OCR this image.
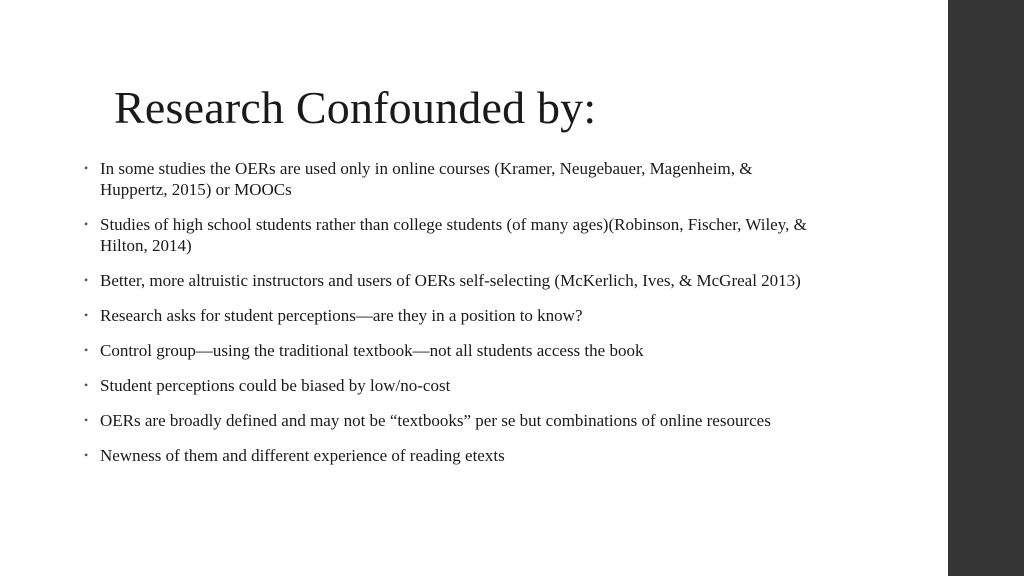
Research Confounded by:
• In some studies the OERs are used only in online courses (Kramer, Neugebauer, Magenheim, & Huppertz, 2015) or MOOCs
• Studies of high school students rather than college students (of many ages)(Robinson, Fischer, Wiley, & Hilton, 2014)
• Better, more altruistic instructors and users of OERs self-selecting (McKerlich, Ives, & McGreal 2013)
• Research asks for student perceptions—are they in a position to know?
• Control group—using the traditional textbook—not all students access the book
• Student perceptions could be biased by low/no-cost
• OERs are broadly defined and may not be “textbooks” per se but combinations of online resources
• Newness of them and different experience of reading etexts
